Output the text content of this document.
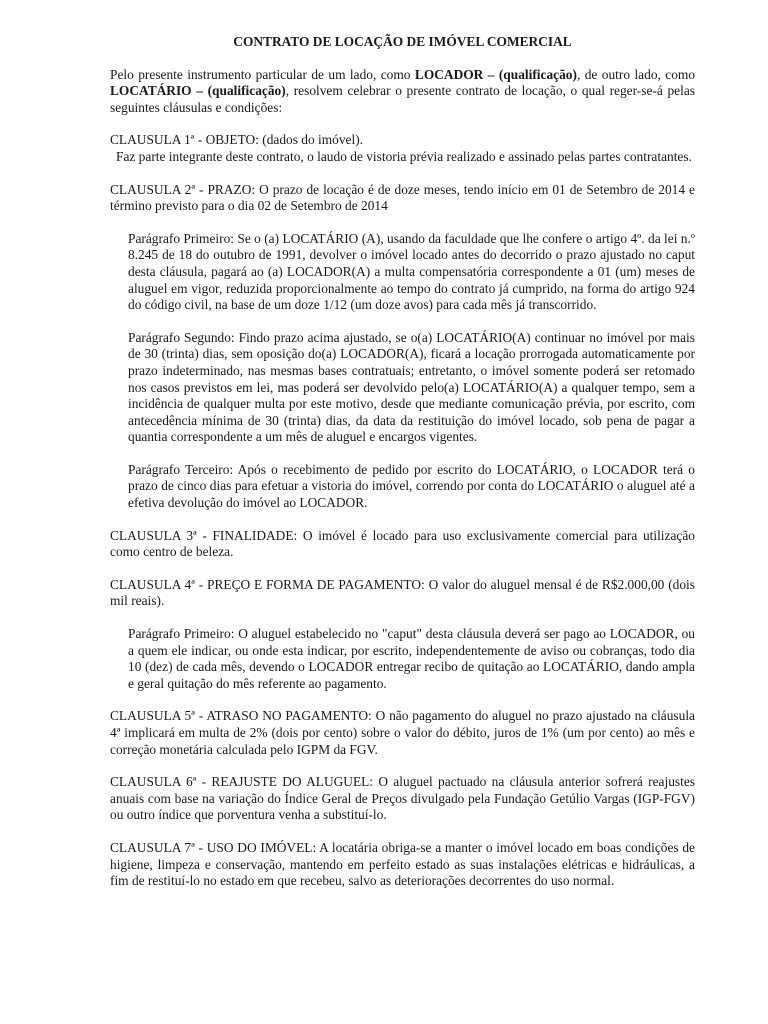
CONTRATO DE LOCAÇÃO DE IMÓVEL COMERCIAL

Pelo presente instrumento particular de um lado, como LOCADOR – (qualificação), de outro lado, como LOCATÁRIO – (qualificação), resolvem celebrar o presente contrato de locação, o qual reger-se-á pelas seguintes cláusulas e condições:

CLAUSULA 1ª - OBJETO: (dados do imóvel).

Faz parte integrante deste contrato, o laudo de vistoria prévia realizado e assinado pelas partes contratantes.

CLAUSULA 2ª - PRAZO: O prazo de locação é de doze meses, tendo início em 01 de Setembro de 2014 e término previsto para o dia 02 de Setembro de 2014

Parágrafo Primeiro: Se o (a) LOCATÁRIO (A), usando da faculdade que lhe confere o artigo 4º. da lei n.º 8.245 de 18 do outubro de 1991, devolver o imóvel locado antes do decorrido o prazo ajustado no caput desta cláusula, pagará ao (a) LOCADOR(A) a multa compensatória correspondente a 01 (um) meses de aluguel em vigor, reduzida proporcionalmente ao tempo do contrato já cumprido, na forma do artigo 924 do código civil, na base de um doze 1/12 (um doze avos) para cada mês já transcorrido.

Parágrafo Segundo: Findo prazo acima ajustado, se o(a) LOCATÁRIO(A) continuar no imóvel por mais de 30 (trinta) dias, sem oposição do(a) LOCADOR(A), ficará a locação prorrogada automaticamente por prazo indeterminado, nas mesmas bases contratuais; entretanto, o imóvel somente poderá ser retomado nos casos previstos em lei, mas poderá ser devolvido pelo(a) LOCATÁRIO(A) a qualquer tempo, sem a incidência de qualquer multa por este motivo, desde que mediante comunicação prévia, por escrito, com antecedência mínima de 30 (trinta) dias, da data da restituição do imóvel locado, sob pena de pagar a quantia correspondente a um mês de aluguel e encargos vigentes.

Parágrafo Terceiro: Após o recebimento de pedido por escrito do LOCATÁRIO, o LOCADOR terá o prazo de cinco dias para efetuar a vistoria do imóvel, correndo por conta do LOCATÁRIO o aluguel até a efetiva devolução do imóvel ao LOCADOR.

CLAUSULA 3ª - FINALIDADE: O imóvel é locado para uso exclusivamente comercial para utilização como centro de beleza.

CLAUSULA 4ª - PREÇO E FORMA DE PAGAMENTO: O valor do aluguel mensal é de R$2.000,00 (dois mil reais).

Parágrafo Primeiro: O aluguel estabelecido no "caput" desta cláusula deverá ser pago ao LOCADOR, ou a quem ele indicar, ou onde esta indicar, por escrito, independentemente de aviso ou cobranças, todo dia 10 (dez) de cada mês, devendo o LOCADOR entregar recibo de quitação ao LOCATÁRIO, dando ampla e geral quitação do mês referente ao pagamento.

CLAUSULA 5ª - ATRASO NO PAGAMENTO: O não pagamento do aluguel no prazo ajustado na cláusula 4ª implicará em multa de 2% (dois por cento) sobre o valor do débito, juros de 1% (um por cento) ao mês e correção monetária calculada pelo IGPM da FGV.

CLAUSULA 6ª - REAJUSTE DO ALUGUEL: O aluguel pactuado na cláusula anterior sofrerá reajustes anuais com base na variação do Índice Geral de Preços divulgado pela Fundação Getúlio Vargas (IGP-FGV) ou outro índice que porventura venha a substituí-lo.

CLAUSULA 7ª - USO DO IMÓVEL: A locatária obriga-se a manter o imóvel locado em boas condições de higiene, limpeza e conservação, mantendo em perfeito estado as suas instalações elétricas e hidráulicas, a fim de restituí-lo no estado em que recebeu, salvo as deteriorações decorrentes do uso normal.
